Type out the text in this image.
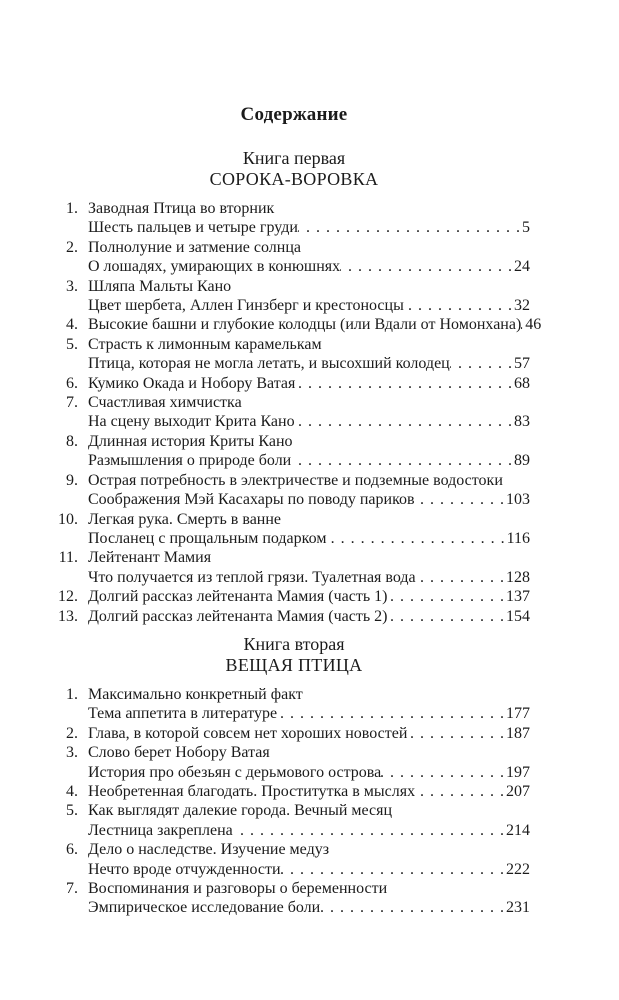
Содержание
Книга первая
СОРОКА-ВОРОВКА
1. Заводная Птица во вторник
Шесть пальцев и четыре груди . . .	5
2. Полнолуние и затмение солнца
О лошадях, умирающих в конюшнях . . .	24
3. Шляпа Мальты Кано
Цвет шербета, Аллен Гинзберг и крестоносцы . . .	32
4. Высокие башни и глубокие колодцы (или Вдали от Номонхана) . . . 46
5. Страсть к лимонным карамелькам
Птица, которая не могла летать, и высохший колодец . . .	57
6. Кумико Окада и Нобору Ватая . . .	68
7. Счастливая химчистка
На сцену выходит Крита Кано . . .	83
8. Длинная история Криты Кано
Размышления о природе боли . . .	89
9. Острая потребность в электричестве и подземные водостоки
Соображения Мэй Касахары по поводу париков . . .	103
10. Легкая рука. Смерть в ванне
Посланец с прощальным подарком . . .	116
11. Лейтенант Мамия
Что получается из теплой грязи. Туалетная вода . . .	128
12. Долгий рассказ лейтенанта Мамия (часть 1) . . .	137
13. Долгий рассказ лейтенанта Мамия (часть 2) . . .	154
Книга вторая
ВЕЩАЯ ПТИЦА
1. Максимально конкретный факт
Тема аппетита в литературе . . .	177
2. Глава, в которой совсем нет хороших новостей . . .	187
3. Слово берет Нобору Ватая
История про обезьян с дерьмового острова . . .	197
4. Необретенная благодать. Проститутка в мыслях . . .	207
5. Как выглядят далекие города. Вечный месяц
Лестница закреплена . . .	214
6. Дело о наследстве. Изучение медуз
Нечто вроде отчужденности . . .	222
7. Воспоминания и разговоры о беременности
Эмпирическое исследование боли . . .	231
